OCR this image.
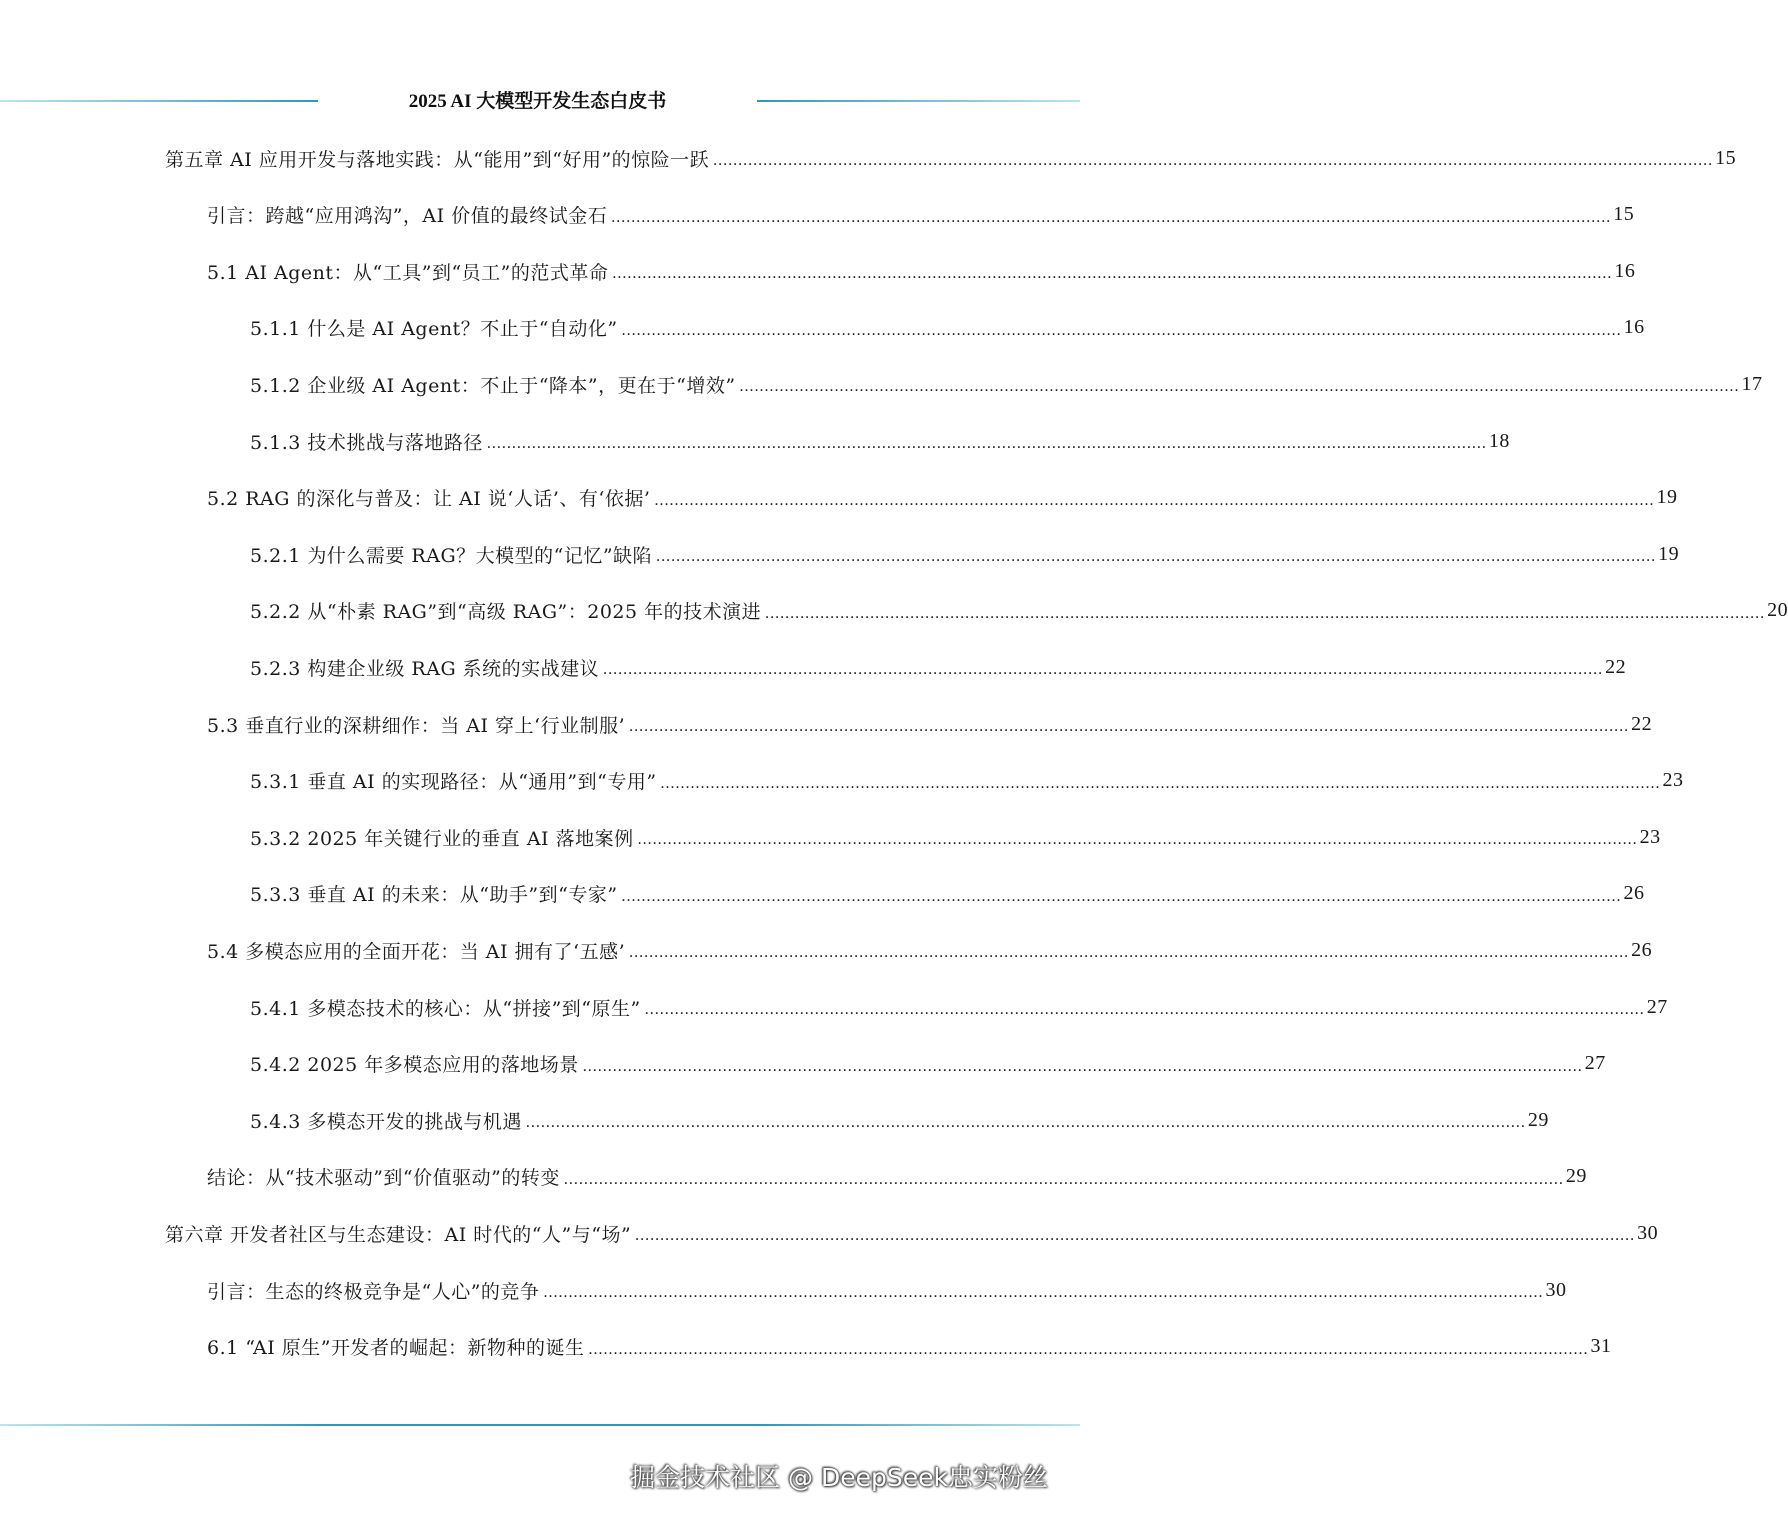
2025 AI 大模型开发生态白皮书
第五章 AI 应用开发与落地实践：从“能用”到“好用”的惊险一跃 ........................................................................................................................................................................................................ 15
引言：跨越“应用鸿沟”，AI 价值的最终试金石 ........................................................................................................................................................................................................ 15
5.1 AI Agent：从“工具”到“员工”的范式革命 ........................................................................................................................................................................................................ 16
5.1.1 什么是 AI Agent？不止于“自动化” ........................................................................................................................................................................................................ 16
5.1.2 企业级 AI Agent：不止于“降本”，更在于“增效” ........................................................................................................................................................................................................ 17
5.1.3 技术挑战与落地路径 ........................................................................................................................................................................................................ 18
5.2 RAG 的深化与普及：让 AI 说‘人话’、有‘依据’ ........................................................................................................................................................................................................ 19
5.2.1 为什么需要 RAG？大模型的“记忆”缺陷 ........................................................................................................................................................................................................ 19
5.2.2 从“朴素 RAG”到“高级 RAG”：2025 年的技术演进 ........................................................................................................................................................................................................ 20
5.2.3 构建企业级 RAG 系统的实战建议 ........................................................................................................................................................................................................ 22
5.3 垂直行业的深耕细作：当 AI 穿上‘行业制服’ ........................................................................................................................................................................................................ 22
5.3.1 垂直 AI 的实现路径：从“通用”到“专用” ........................................................................................................................................................................................................ 23
5.3.2 2025 年关键行业的垂直 AI 落地案例 ........................................................................................................................................................................................................ 23
5.3.3 垂直 AI 的未来：从“助手”到“专家” ........................................................................................................................................................................................................ 26
5.4 多模态应用的全面开花：当 AI 拥有了‘五感’ ........................................................................................................................................................................................................ 26
5.4.1 多模态技术的核心：从“拼接”到“原生” ........................................................................................................................................................................................................ 27
5.4.2 2025 年多模态应用的落地场景 ........................................................................................................................................................................................................ 27
5.4.3 多模态开发的挑战与机遇 ........................................................................................................................................................................................................ 29
结论：从“技术驱动”到“价值驱动”的转变 ........................................................................................................................................................................................................ 29
第六章 开发者社区与生态建设：AI 时代的“人”与“场” ........................................................................................................................................................................................................ 30
引言：生态的终极竞争是“人心”的竞争 ........................................................................................................................................................................................................ 30
6.1 “AI 原生”开发者的崛起：新物种的诞生 ........................................................................................................................................................................................................ 31
掘金技术社区 @ DeepSeek忠实粉丝
